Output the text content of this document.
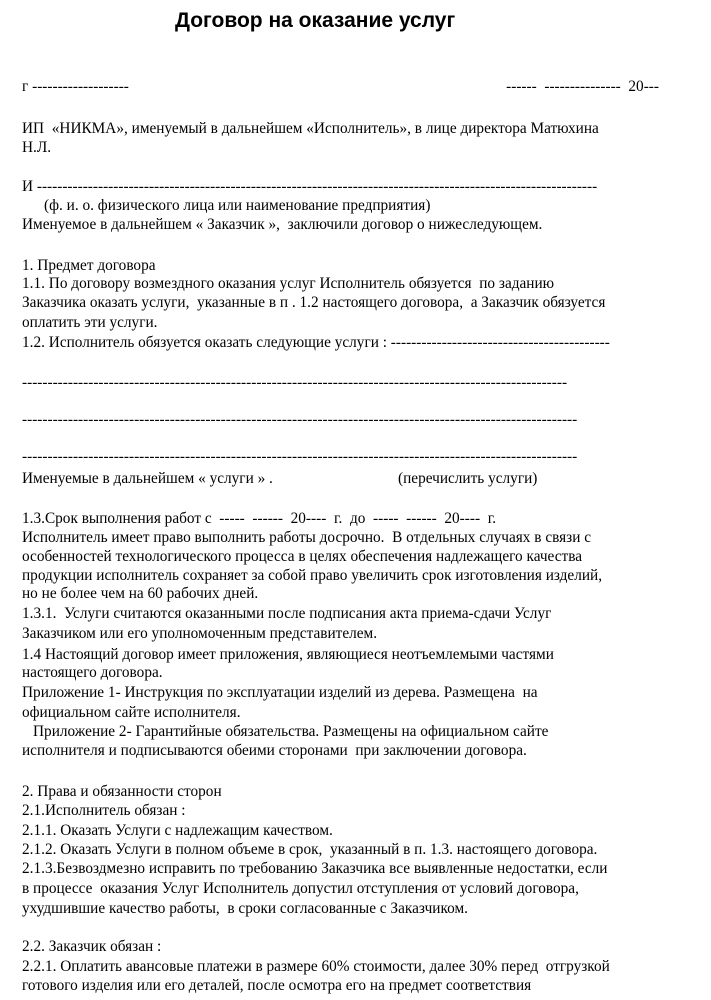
Договор на оказание услуг
г -------------------	------  ---------------  20---
ИП  «НИКМА», именуемый в дальнейшем «Исполнитель», в лице директора Матюхина
Н.Л.
И --------------------------------------------------------------------------------------------------------------
(ф. и. о. физического лица или наименование предприятия)
Именуемое в дальнейшем « Заказчик »,  заключили договор о нижеследующем.
1. Предмет договора
1.1. По договору возмездного оказания услуг Исполнитель обязуется  по заданию
Заказчика оказать услуги,  указанные в п . 1.2 настоящего договора,  а Заказчик обязуется
оплатить эти услуги.
1.2. Исполнитель обязуется оказать следующие услуги : -------------------------------------------
-----------------------------------------------------------------------------------------------------------
-------------------------------------------------------------------------------------------------------------
-------------------------------------------------------------------------------------------------------------
Именуемые в дальнейшем « услуги » .	(перечислить услуги)
1.3.Срок выполнения работ с  -----  ------  20----  г.  до  -----  ------  20----  г.
Исполнитель имеет право выполнить работы досрочно.  В отдельных случаях в связи с
особенностей технологического процесса в целях обеспечения надлежащего качества
продукции исполнитель сохраняет за собой право увеличить срок изготовления изделий,
но не более чем на 60 рабочих дней.
1.3.1.  Услуги считаются оказанными после подписания акта приема-сдачи Услуг
Заказчиком или его уполномоченным представителем.
1.4 Настоящий договор имеет приложения, являющиеся неотъемлемыми частями
настоящего договора.
Приложение 1- Инструкция по эксплуатации изделий из дерева. Размещена  на
официальном сайте исполнителя.
Приложение 2- Гарантийные обязательства. Размещены на официальном сайте
исполнителя и подписываются обеими сторонами  при заключении договора.
2. Права и обязанности сторон
2.1.Исполнитель обязан :
2.1.1. Оказать Услуги с надлежащим качеством.
2.1.2. Оказать Услуги в полном объеме в срок,  указанный в п. 1.3. настоящего договора.
2.1.3.Безвоздмезно исправить по требованию Заказчика все выявленные недостатки, если
в процессе  оказания Услуг Исполнитель допустил отступления от условий договора,
ухудшившие качество работы,  в сроки согласованные с Заказчиком.
2.2. Заказчик обязан :
2.2.1. Оплатить авансовые платежи в размере 60% стоимости, далее 30% перед  отгрузкой
готового изделия или его деталей, после осмотра его на предмет соответствия
